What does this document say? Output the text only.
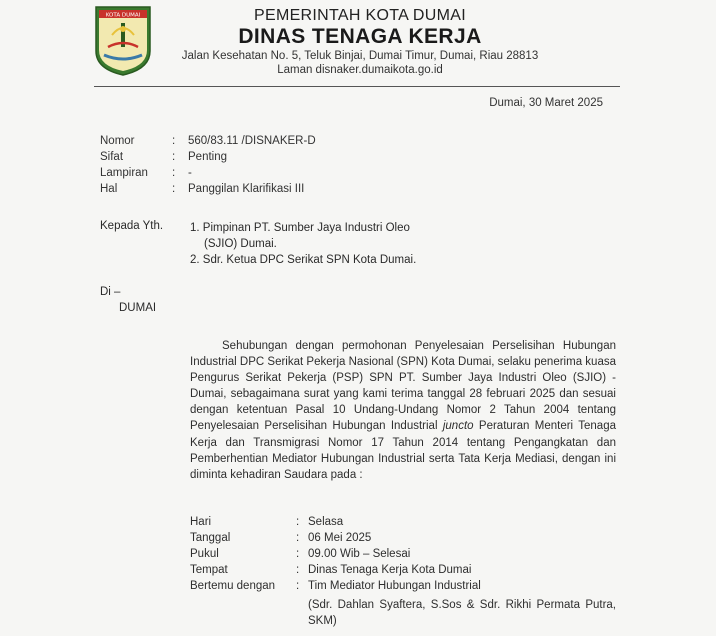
KOTA DUMAI	PEMERINTAH KOTA DUMAI
DINAS TENAGA KERJA
Jalan Kesehatan No. 5, Teluk Binjai, Dumai Timur, Dumai, Riau 28813
Laman disnaker.dumaikota.go.id
Dumai, 30 Maret 2025
Nomor	: 560/83.11 /DISNAKER-D
Sifat	: Penting
Lampiran : -
Hal	: Panggilan Klarifikasi III
Kepada Yth. 1. Pimpinan PT. Sumber Jaya Industri Oleo
(SJIO) Dumai.
2. Sdr. Ketua DPC Serikat SPN Kota Dumai.
Di –
DUMAI
Sehubungan dengan permohonan Penyelesaian Perselisihan Hubungan Industrial DPC Serikat Pekerja Nasional (SPN) Kota Dumai, selaku penerima kuasa Pengurus Serikat Pekerja (PSP) SPN PT. Sumber Jaya Industri Oleo (SJIO) - Dumai, sebagaimana surat yang kami terima tanggal 28 februari 2025 dan sesuai dengan ketentuan Pasal 10 Undang-Undang Nomor 2 Tahun 2004 tentang Penyelesaian Perselisihan Hubungan Industrial juncto Peraturan Menteri Tenaga Kerja dan Transmigrasi Nomor 17 Tahun 2014 tentang Pengangkatan dan Pemberhentian Mediator Hubungan Industrial serta Tata Kerja Mediasi, dengan ini diminta kehadiran Saudara pada :
Hari	: Selasa
Tanggal	: 06 Mei 2025
Pukul	: 09.00 Wib – Selesai
Tempat	: Dinas Tenaga Kerja Kota Dumai
Bertemu dengan : Tim Mediator Hubungan Industrial
(Sdr. Dahlan Syaftera, S.Sos & Sdr. Rikhi Permata Putra, SKM)
